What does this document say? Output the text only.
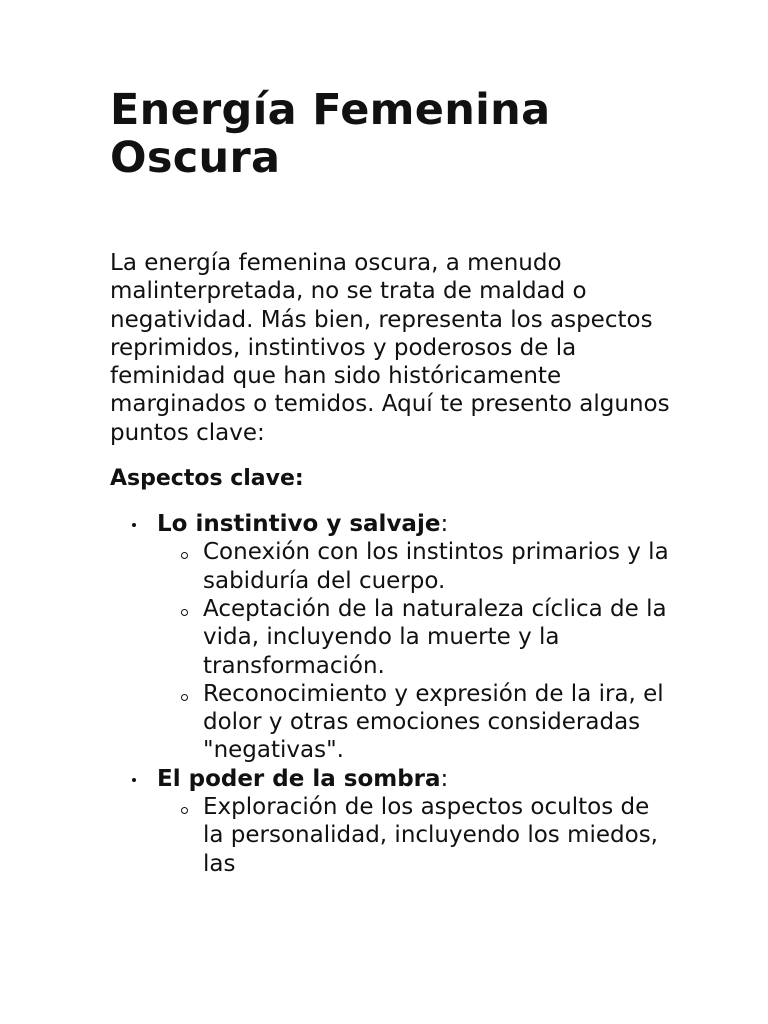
Energía Femenina Oscura

La energía femenina oscura, a menudo malinterpretada, no se trata de maldad o negatividad. Más bien, representa los aspectos reprimidos, instintivos y poderosos de la feminidad que han sido históricamente marginados o temidos. Aquí te presento algunos puntos clave:

Aspectos clave:
Lo instintivo y salvaje:
Conexión con los instintos primarios y la sabiduría del cuerpo.
Aceptación de la naturaleza cíclica de la vida, incluyendo la muerte y la transformación.
Reconocimiento y expresión de la ira, el dolor y otras emociones consideradas "negativas".
El poder de la sombra:
Exploración de los aspectos ocultos de la personalidad, incluyendo los miedos, las
